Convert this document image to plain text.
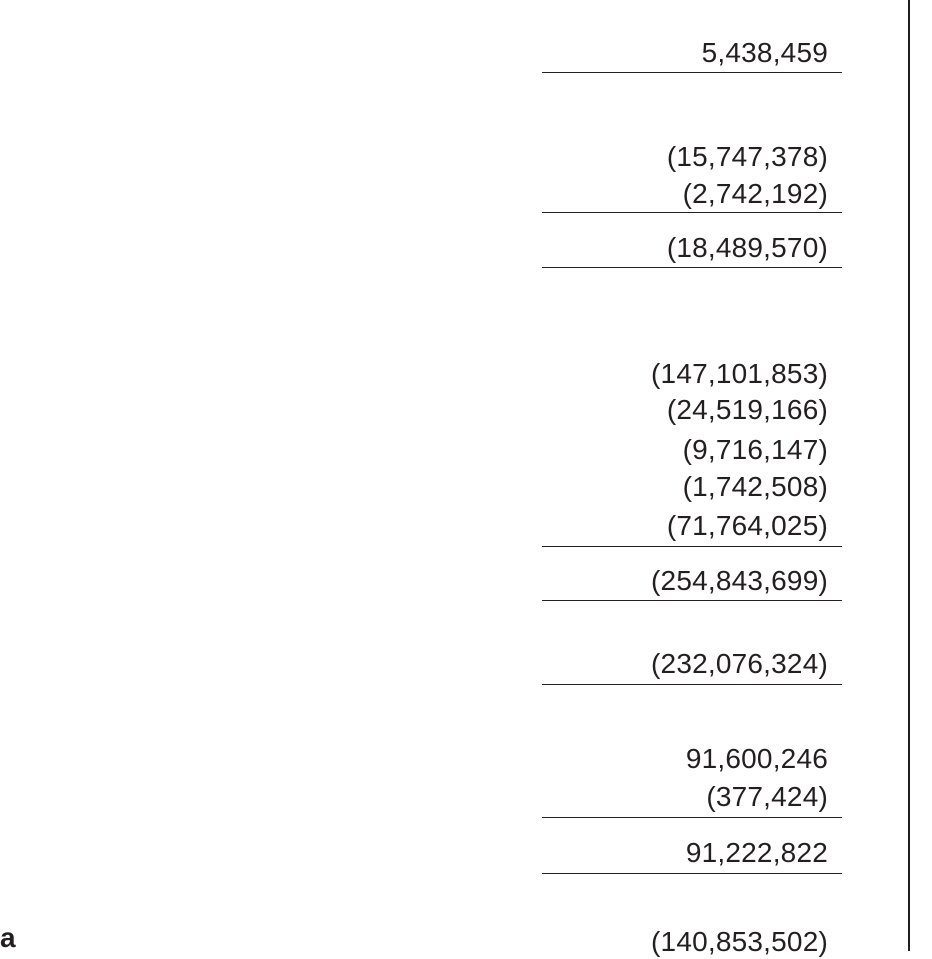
5,438,459
(15,747,378)
(2,742,192)
(18,489,570)
(147,101,853)
(24,519,166)
(9,716,147)
(1,742,508)
(71,764,025)
(254,843,699)
(232,076,324)
91,600,246
(377,424)
91,222,822
a	(140,853,502)
